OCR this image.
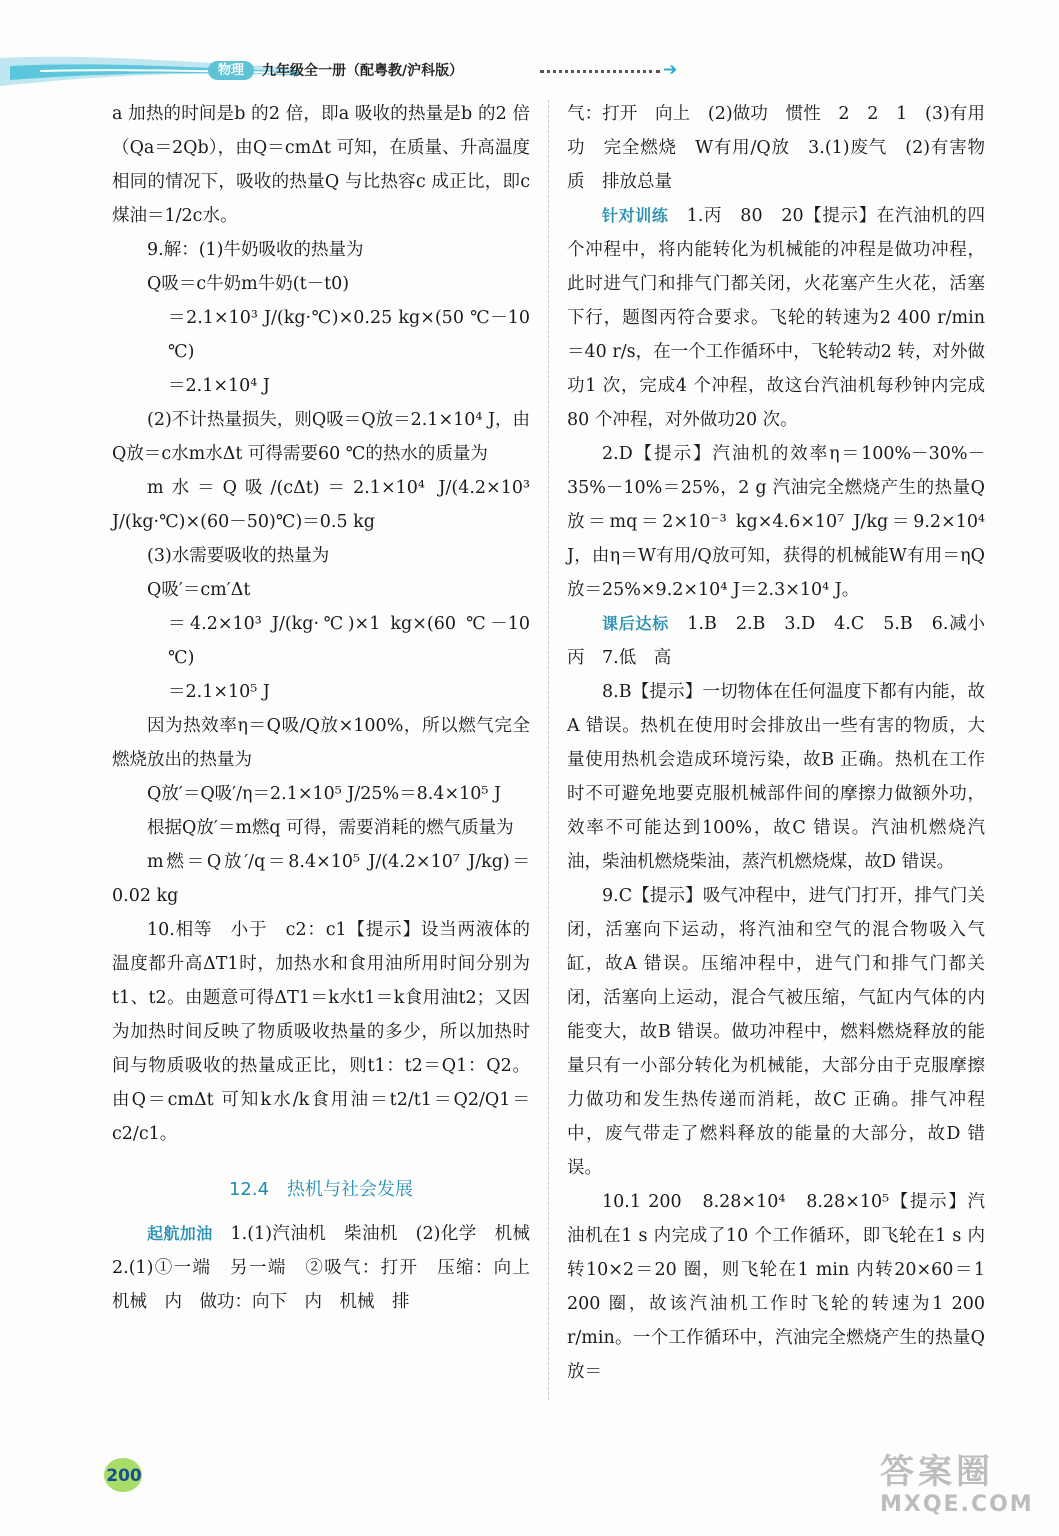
物理	九年级全一册（配粤教/沪科版）	➔

a 加热的时间是b 的2 倍，即a 吸收的热量是b 的2 倍（Qa＝2Qb），由Q＝cmΔt 可知，在质量、升高温度相同的情况下，吸收的热量Q 与比热容c 成正比，即c煤油＝1/2c水。

9.解：(1)牛奶吸收的热量为

Q吸＝c牛奶m牛奶(t－t0)

＝2.1×10³ J/(kg·℃)×0.25 kg×(50 ℃－10 ℃)

＝2.1×10⁴ J

(2)不计热量损失，则Q吸＝Q放＝2.1×10⁴ J，由Q放＝c水m水Δt 可得需要60 ℃的热水的质量为

m水＝Q吸/(cΔt)＝2.1×10⁴ J/(4.2×10³ J/(kg·℃)×(60－50)℃)＝0.5 kg

(3)水需要吸收的热量为

Q吸′＝cm′Δt

＝4.2×10³ J/(kg·℃)×1 kg×(60 ℃－10 ℃)

＝2.1×10⁵ J

因为热效率η＝Q吸/Q放×100%，所以燃气完全燃烧放出的热量为

Q放′＝Q吸′/η＝2.1×10⁵ J/25%＝8.4×10⁵ J

根据Q放′＝m燃q 可得，需要消耗的燃气质量为

m燃＝Q放′/q＝8.4×10⁵ J/(4.2×10⁷ J/kg)＝0.02 kg

10.相等　小于　c2：c1【提示】设当两液体的温度都升高ΔT1时，加热水和食用油所用时间分别为t1、t2。由题意可得ΔT1＝k水t1＝k食用油t2；又因为加热时间反映了物质吸收热量的多少，所以加热时间与物质吸收的热量成正比，则t1：t2＝Q1：Q2。由Q＝cmΔt 可知k水/k食用油＝t2/t1＝Q2/Q1＝c2/c1。

12.4　热机与社会发展

起航加油　 1.(1)汽油机　柴油机　(2)化学　机械　2.(1)①一端　另一端　②吸气：打开　压缩：向上　机械　内　做功：向下　内　机械　排

气：打开　向上　(2)做功　惯性　2　2　1　(3)有用功　完全燃烧　W有用/Q放　3.(1)废气　(2)有害物质　排放总量

针对训练　 1.丙　80　20【提示】在汽油机的四个冲程中，将内能转化为机械能的冲程是做功冲程，此时进气门和排气门都关闭，火花塞产生火花，活塞下行，题图丙符合要求。飞轮的转速为2 400 r/min＝40 r/s，在一个工作循环中，飞轮转动2 转，对外做功1 次，完成4 个冲程，故这台汽油机每秒钟内完成80 个冲程，对外做功20 次。

2.D【提示】汽油机的效率η＝100%－30%－35%－10%＝25%，2 g 汽油完全燃烧产生的热量Q放＝mq＝2×10⁻³ kg×4.6×10⁷ J/kg＝9.2×10⁴ J，由η＝W有用/Q放可知，获得的机械能W有用＝ηQ放＝25%×9.2×10⁴ J＝2.3×10⁴ J。

课后达标　 1.B　2.B　3.D　4.C　5.B　6.减小　丙　7.低　高

8.B【提示】一切物体在任何温度下都有内能，故A 错误。热机在使用时会排放出一些有害的物质，大量使用热机会造成环境污染，故B 正确。热机在工作时不可避免地要克服机械部件间的摩擦力做额外功，效率不可能达到100%，故C 错误。汽油机燃烧汽油，柴油机燃烧柴油，蒸汽机燃烧煤，故D 错误。

9.C【提示】吸气冲程中，进气门打开，排气门关闭，活塞向下运动，将汽油和空气的混合物吸入气缸，故A 错误。压缩冲程中，进气门和排气门都关闭，活塞向上运动，混合气被压缩，气缸内气体的内能变大，故B 错误。做功冲程中，燃料燃烧释放的能量只有一小部分转化为机械能，大部分由于克服摩擦力做功和发生热传递而消耗，故C 正确。排气冲程中，废气带走了燃料释放的能量的大部分，故D 错误。

10.1 200　8.28×10⁴　8.28×10⁵【提示】汽油机在1 s 内完成了10 个工作循环，即飞轮在1 s 内转10×2＝20 圈，则飞轮在1 min 内转20×60＝1 200 圈，故该汽油机工作时飞轮的转速为1 200 r/min。一个工作循环中，汽油完全燃烧产生的热量Q放＝

200	答案圈
MXQE.COM
